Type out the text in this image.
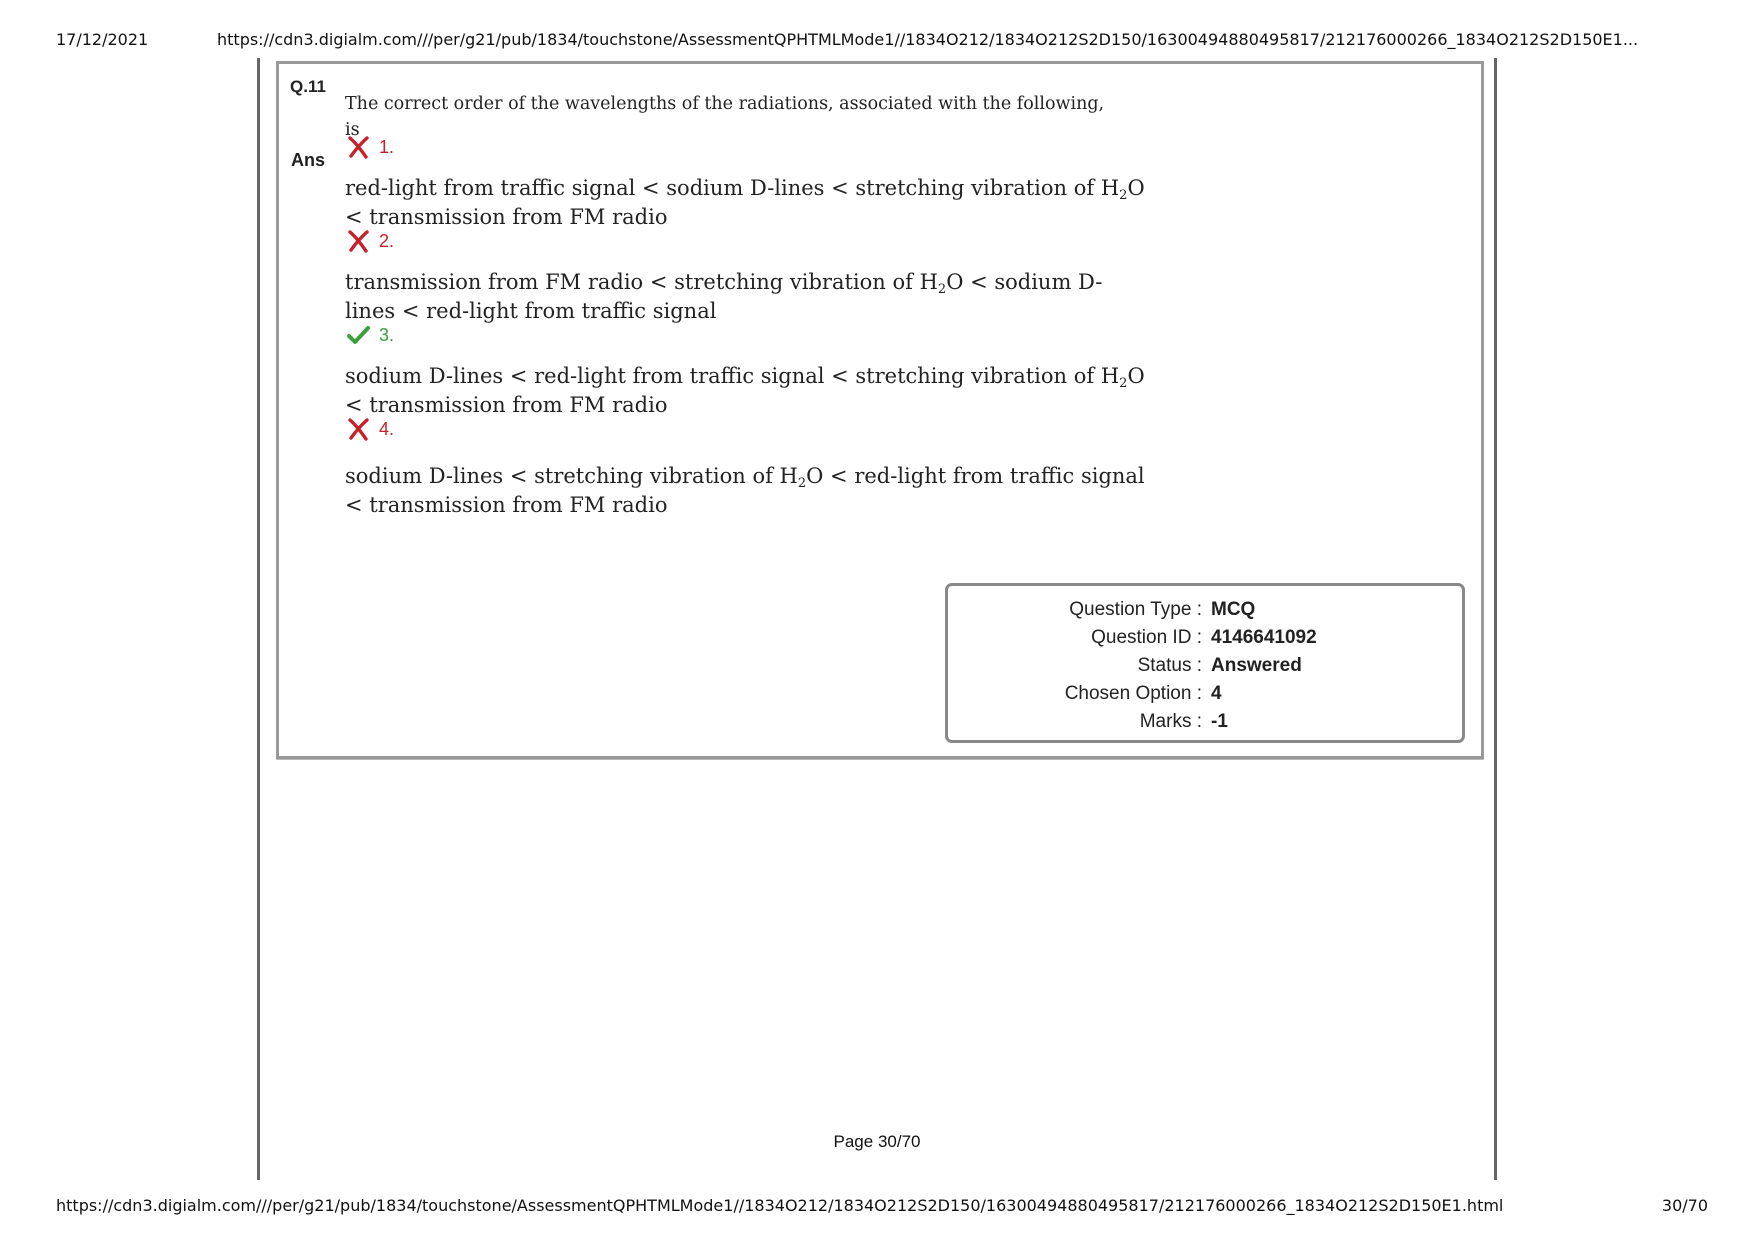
17/12/2021	https://cdn3.digialm.com///per/g21/pub/1834/touchstone/AssessmentQPHTMLMode1//1834O212/1834O212S2D150/16300494880495817/212176000266_1834O212S2D150E1...
Q.11
The correct order of the wavelengths of the radiations, associated with the following, is
Ans
1.
red-light from traffic signal < sodium D-lines < stretching vibration of $H_2O$ < transmission from FM radio
2.
transmission from FM radio < stretching vibration of $H_2O$ < sodium D-lines < red-light from traffic signal
3.
sodium D-lines < red-light from traffic signal < stretching vibration of $H_2O$ < transmission from FM radio
4.
sodium D-lines < stretching vibration of $H_2O$ < red-light from traffic signal < transmission from FM radio
Question Type : MCQ
Question ID : 4146641092
Status : Answered
Chosen Option : 4
Marks : -1
Page 30/70
https://cdn3.digialm.com///per/g21/pub/1834/touchstone/AssessmentQPHTMLMode1//1834O212/1834O212S2D150/16300494880495817/212176000266_1834O212S2D150E1.html	30/70
